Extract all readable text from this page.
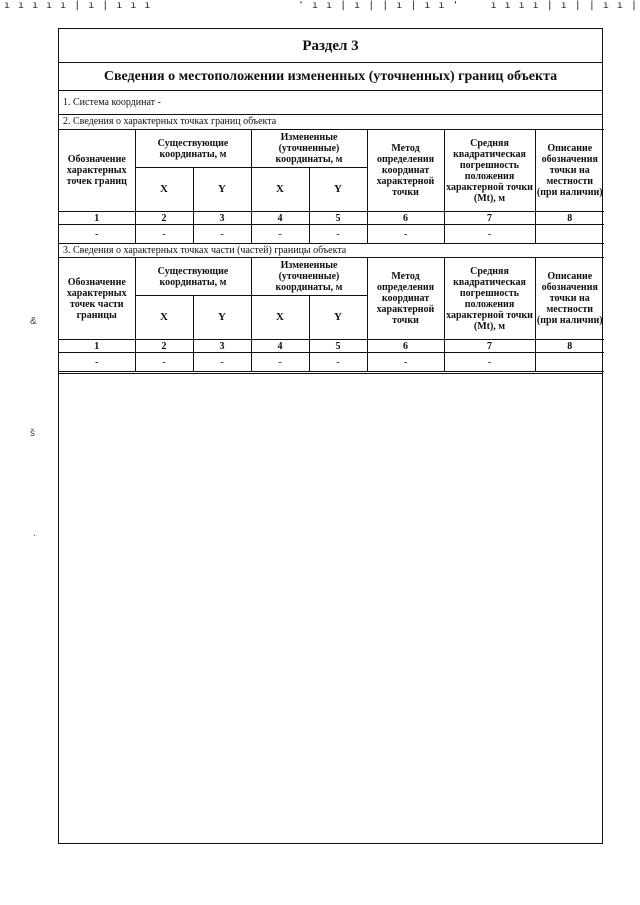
ı ı ı ı ı | ı | ı ı ı	' ı ı | ı | | ı | ı ı '	ı ı ı ı | ı | | ı ı |
&
š
·
Раздел 3
Сведения о местоположении измененных (уточненных) границ объекта
1. Система координат -
2. Сведения о характерных точках границ объекта
Обозначение характерных точек границ	Существующие координаты, м		Измененные (уточненные) координаты, м		Метод определения координат характерной точки	Средняя квадратическая погрешность положения характерной точки (Mt), м	Описание обозначения точки на местности (при наличии)
	X	Y	X	Y			
1	2	3	4	5	6	7	8
-	-	-	-	-	-	-	
3. Сведения о характерных точках части (частей) границы объекта
Обозначение характерных точек части границы	Существующие координаты, м		Измененные (уточненные) координаты, м		Метод определения координат характерной точки	Средняя квадратическая погрешность положения характерной точки (Mt), м	Описание обозначения точки на местности (при наличии)
	X	Y	X	Y			
1	2	3	4	5	6	7	8
-	-	-	-	-	-	-	
